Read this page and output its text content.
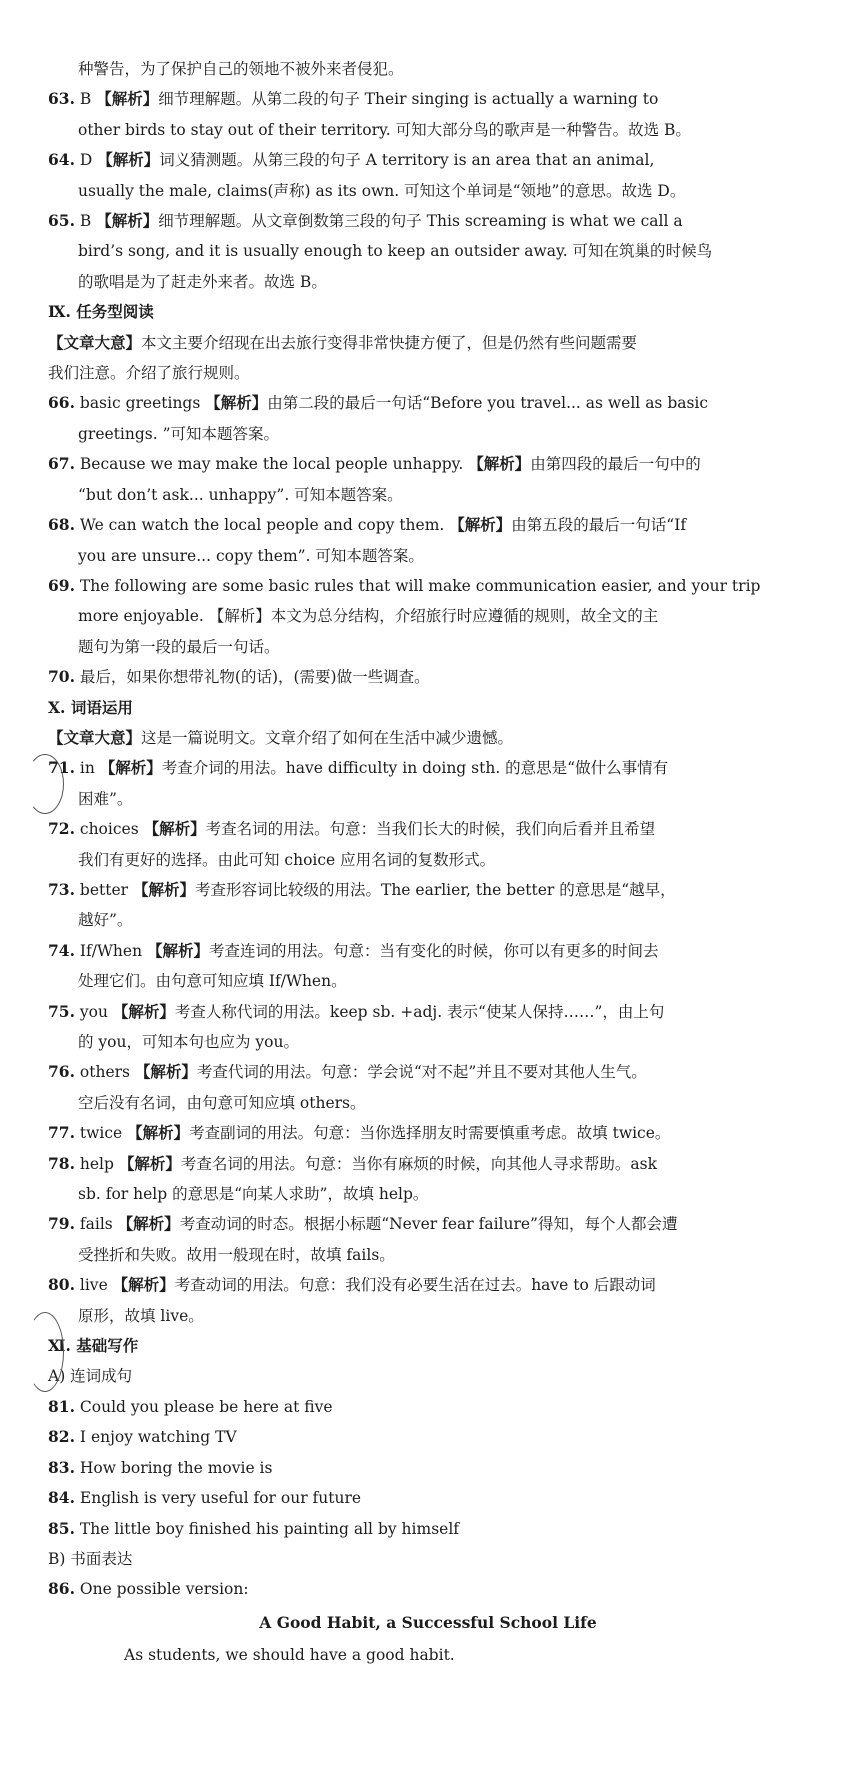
种警告，为了保护自己的领地不被外来者侵犯。
63. B 【解析】细节理解题。从第二段的句子 Their singing is actually a warning to
other birds to stay out of their territory. 可知大部分鸟的歌声是一种警告。故选 B。
64. D 【解析】词义猜测题。从第三段的句子 A territory is an area that an animal,
usually the male, claims(声称) as its own. 可知这个单词是“领地”的意思。故选 D。
65. B 【解析】细节理解题。从文章倒数第三段的句子 This screaming is what we call a
bird’s song, and it is usually enough to keep an outsider away. 可知在筑巢的时候鸟
的歌唱是为了赶走外来者。故选 B。
Ⅸ. 任务型阅读
【文章大意】本文主要介绍现在出去旅行变得非常快捷方便了，但是仍然有些问题需要
我们注意。介绍了旅行规则。
66. basic greetings 【解析】由第二段的最后一句话“Before you travel... as well as basic
greetings. ”可知本题答案。
67. Because we may make the local people unhappy. 【解析】由第四段的最后一句中的
“but don’t ask... unhappy”. 可知本题答案。
68. We can watch the local people and copy them. 【解析】由第五段的最后一句话“If
you are unsure... copy them”. 可知本题答案。
69. The following are some basic rules that will make communication easier, and your trip
more enjoyable. 【解析】本文为总分结构，介绍旅行时应遵循的规则，故全文的主
题句为第一段的最后一句话。
70. 最后，如果你想带礼物(的话)，(需要)做一些调查。
Ⅹ. 词语运用
【文章大意】这是一篇说明文。文章介绍了如何在生活中减少遗憾。
71. in 【解析】考查介词的用法。have difficulty in doing sth. 的意思是“做什么事情有
困难”。
72. choices 【解析】考查名词的用法。句意：当我们长大的时候，我们向后看并且希望
我们有更好的选择。由此可知 choice 应用名词的复数形式。
73. better 【解析】考查形容词比较级的用法。The earlier, the better 的意思是“越早，
越好”。
74. If/When 【解析】考查连词的用法。句意：当有变化的时候，你可以有更多的时间去
处理它们。由句意可知应填 If/When。
75. you 【解析】考查人称代词的用法。keep sb. +adj. 表示“使某人保持……”，由上句
的 you，可知本句也应为 you。
76. others 【解析】考查代词的用法。句意：学会说“对不起”并且不要对其他人生气。
空后没有名词，由句意可知应填 others。
77. twice 【解析】考查副词的用法。句意：当你选择朋友时需要慎重考虑。故填 twice。
78. help 【解析】考查名词的用法。句意：当你有麻烦的时候，向其他人寻求帮助。ask
sb. for help 的意思是“向某人求助”，故填 help。
79. fails 【解析】考查动词的时态。根据小标题“Never fear failure”得知，每个人都会遭
受挫折和失败。故用一般现在时，故填 fails。
80. live 【解析】考查动词的用法。句意：我们没有必要生活在过去。have to 后跟动词
原形，故填 live。
Ⅺ. 基础写作
A) 连词成句
81. Could you please be here at five
82. I enjoy watching TV
83. How boring the movie is
84. English is very useful for our future
85. The little boy finished his painting all by himself
B) 书面表达
86. One possible version:
A Good Habit, a Successful School Life
As students, we should have a good habit.
